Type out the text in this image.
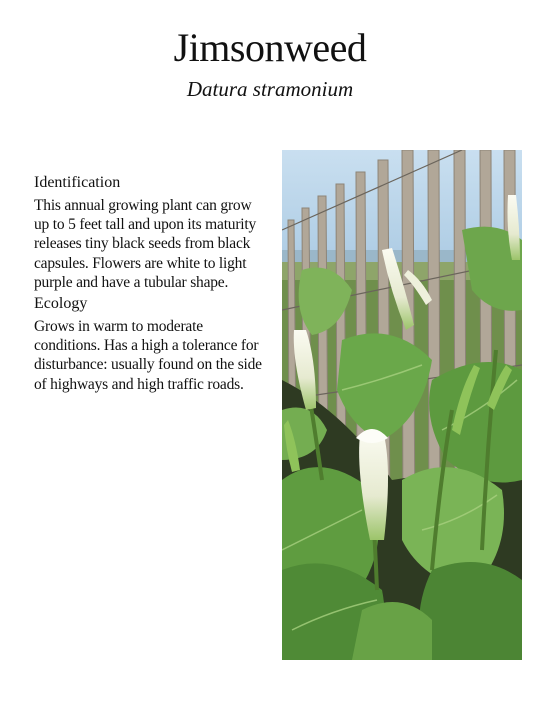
Jimsonweed
Datura stramonium
Identification
This annual growing plant can grow up to 5 feet tall and upon its maturity releases tiny black seeds from black capsules. Flowers are white to light purple and have a tubular shape.
Ecology
Grows in warm to moderate conditions. Has a high a tolerance for disturbance: usually found on the side of highways and high traffic roads.
